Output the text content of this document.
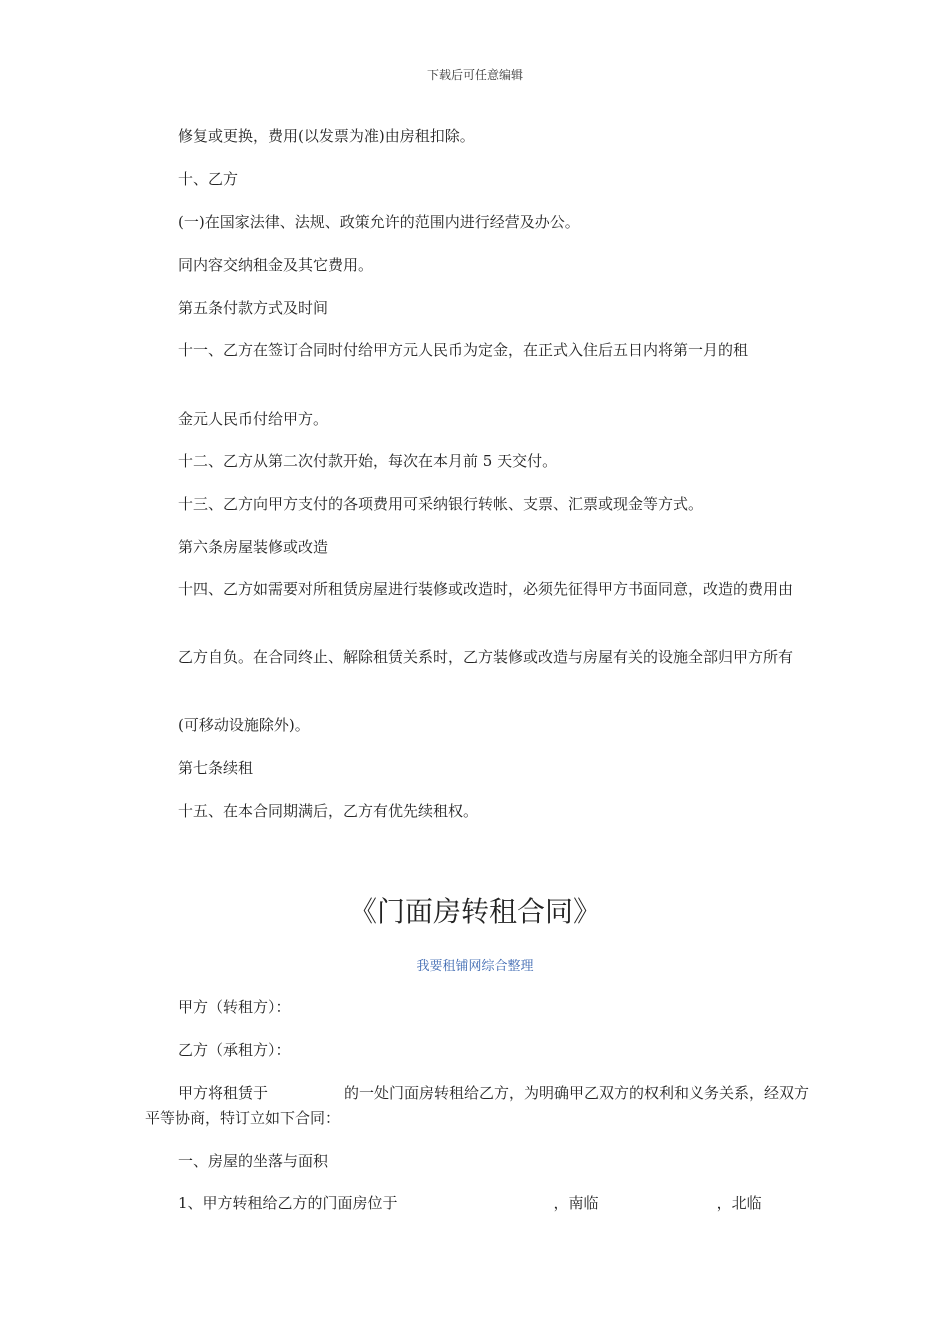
下载后可任意编辑
修复或更换，费用(以发票为准)由房租扣除。
十、乙方
(一)在国家法律、法规、政策允许的范围内进行经营及办公。
同内容交纳租金及其它费用。
第五条付款方式及时间
十一、乙方在签订合同时付给甲方元人民币为定金，在正式入住后五日内将第一月的租
金元人民币付给甲方。
十二、乙方从第二次付款开始，每次在本月前 5 天交付。
十三、乙方向甲方支付的各项费用可采纳银行转帐、支票、汇票或现金等方式。
第六条房屋装修或改造
十四、乙方如需要对所租赁房屋进行装修或改造时，必须先征得甲方书面同意，改造的费用由
乙方自负。在合同终止、解除租赁关系时，乙方装修或改造与房屋有关的设施全部归甲方所有
(可移动设施除外)。
第七条续租
十五、在本合同期满后，乙方有优先续租权。
《门面房转租合同》
我要租铺网综合整理
甲方（转租方）：
乙方（承租方）：
甲方将租赁于	的一处门面房转租给乙方，为明确甲乙双方的权利和义务关系，经双方平等协商，特订立如下合同：
一、房屋的坐落与面积
1、甲方转租给乙方的门面房位于	，南临	，北临
